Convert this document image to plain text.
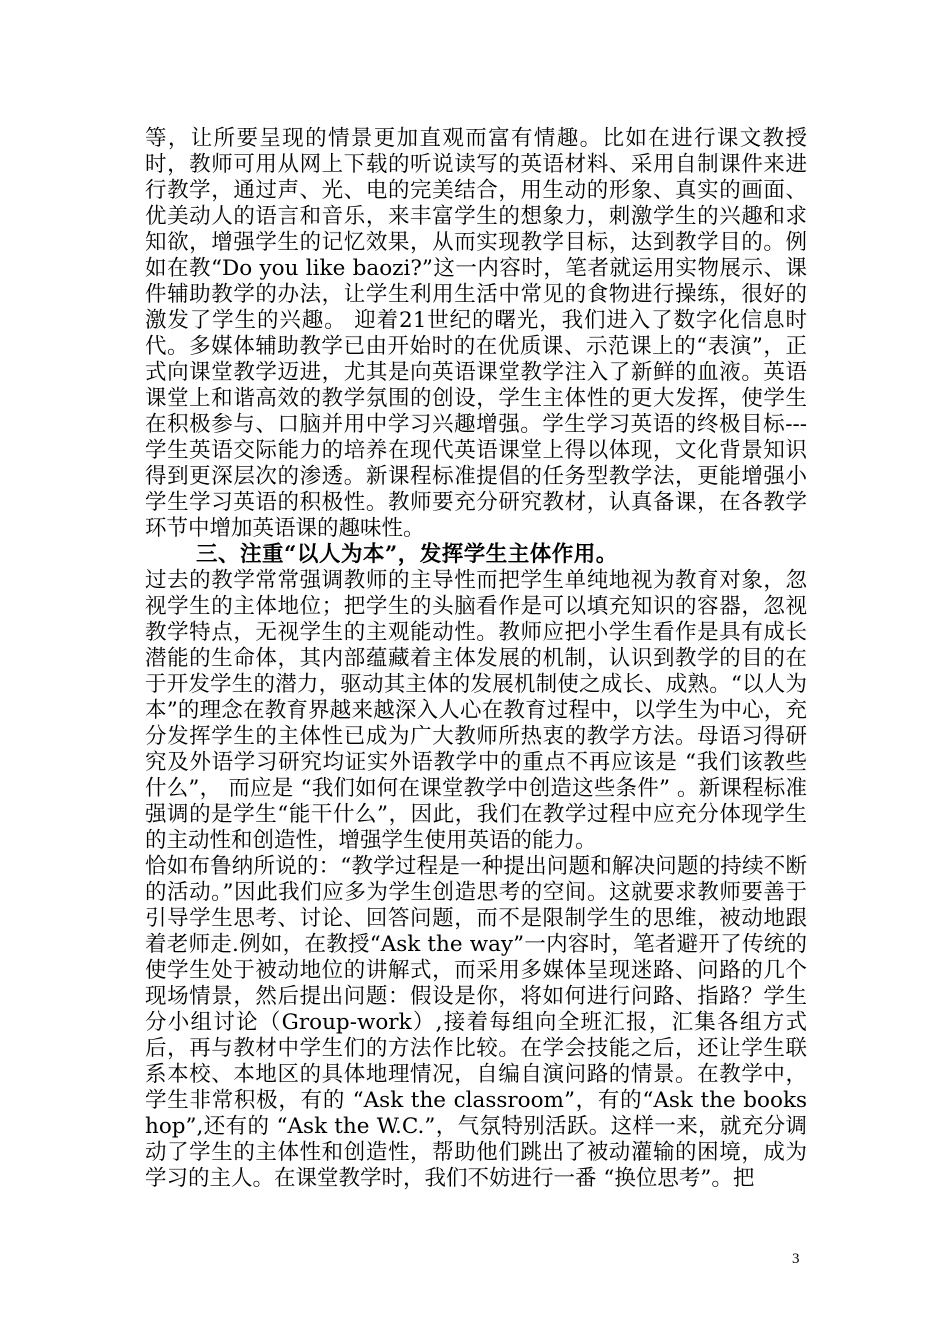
等，让所要呈现的情景更加直观而富有情趣。比如在进行课文教授时，教师可用从网上下载的听说读写的英语材料、采用自制课件来进行教学，通过声、光、电的完美结合，用生动的形象、真实的画面、优美动人的语言和音乐，来丰富学生的想象力，刺激学生的兴趣和求知欲，增强学生的记忆效果，从而实现教学目标，达到教学目的。例如在教“Do you like baozi?”这一内容时，笔者就运用实物展示、课件辅助教学的办法，让学生利用生活中常见的食物进行操练，很好的激发了学生的兴趣。 迎着21世纪的曙光，我们进入了数字化信息时代。多媒体辅助教学已由开始时的在优质课、示范课上的“表演”，正式向课堂教学迈进，尤其是向英语课堂教学注入了新鲜的血液。英语课堂上和谐高效的教学氛围的创设，学生主体性的更大发挥，使学生在积极参与、口脑并用中学习兴趣增强。学生学习英语的终极目标---学生英语交际能力的培养在现代英语课堂上得以体现，文化背景知识得到更深层次的渗透。新课程标准提倡的任务型教学法，更能增强小学生学习英语的积极性。教师要充分研究教材，认真备课，在各教学环节中增加英语课的趣味性。

三、注重“以人为本”，发挥学生主体作用。

过去的教学常常强调教师的主导性而把学生单纯地视为教育对象，忽视学生的主体地位；把学生的头脑看作是可以填充知识的容器，忽视教学特点，无视学生的主观能动性。教师应把小学生看作是具有成长潜能的生命体，其内部蕴藏着主体发展的机制，认识到教学的目的在于开发学生的潜力，驱动其主体的发展机制使之成长、成熟。“以人为本”的理念在教育界越来越深入人心在教育过程中，以学生为中心，充分发挥学生的主体性已成为广大教师所热衷的教学方法。母语习得研究及外语学习研究均证实外语教学中的重点不再应该是 “我们该教些什么”， 而应是 “我们如何在课堂教学中创造这些条件” 。新课程标准强调的是学生“能干什么”，因此，我们在教学过程中应充分体现学生的主动性和创造性，增强学生使用英语的能力。

恰如布鲁纳所说的：“教学过程是一种提出问题和解决问题的持续不断的活动。”因此我们应多为学生创造思考的空间。这就要求教师要善于引导学生思考、讨论、回答问题，而不是限制学生的思维，被动地跟着老师走.例如，在教授“Ask the way”一内容时，笔者避开了传统的使学生处于被动地位的讲解式，而采用多媒体呈现迷路、问路的几个现场情景，然后提出问题：假设是你，将如何进行问路、指路？学生分小组讨论（Group-work）,接着每组向全班汇报，汇集各组方式后，再与教材中学生们的方法作比较。在学会技能之后，还让学生联系本校、本地区的具体地理情况，自编自演问路的情景。在教学中，学生非常积极，有的 “Ask the classroom”，有的“Ask the bookshop”,还有的 “Ask the W.C.”，气氛特别活跃。这样一来，就充分调动了学生的主体性和创造性，帮助他们跳出了被动灌输的困境，成为学习的主人。在课堂教学时，我们不妨进行一番 “换位思考”。把

3
